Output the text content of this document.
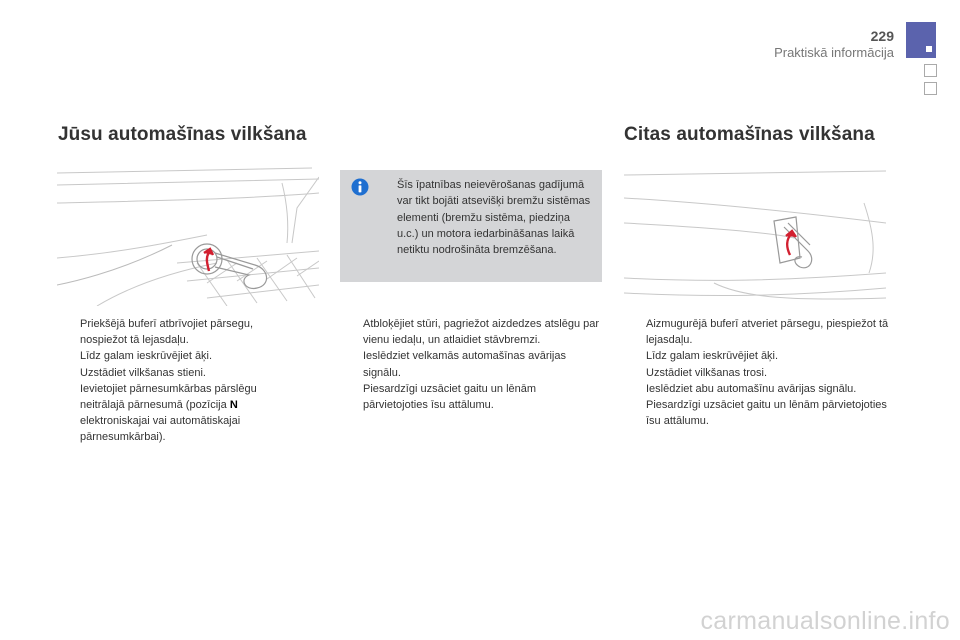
229
Praktiskā informācija
Jūsu automašīnas vilkšana	Citas automašīnas vilkšana
Šīs īpatnības neievērošanas gadījumā var tikt bojāti atsevišķi bremžu sistēmas elementi (bremžu sistēma, piedziņa u.c.) un motora iedarbināšanas laikā netiktu nodrošināta bremzēšana.
Priekšējā buferī atbrīvojiet pārsegu, nospiežot tā lejasdaļu.
Līdz galam ieskrūvējiet āķi.
Uzstādiet vilkšanas stieni.
Ievietojiet pārnesumkārbas pārslēgu neitrālajā pārnesumā (pozīcija N elektroniskajai vai automātiskajai pārnesumkārbai).
Atbloķējiet stūri, pagriežot aizdedzes atslēgu par vienu iedaļu, un atlaidiet stāvbremzi.
Ieslēdziet velkamās automašīnas avārijas signālu.
Piesardzīgi uzsāciet gaitu un lēnām pārvietojoties īsu attālumu.
Aizmugurējā buferī atveriet pārsegu, piespiežot tā lejasdaļu.
Līdz galam ieskrūvējiet āķi.
Uzstādiet vilkšanas trosi.
Ieslēdziet abu automašīnu avārijas signālu.
Piesardzīgi uzsāciet gaitu un lēnām pārvietojoties īsu attālumu.
carmanualsonline.info
